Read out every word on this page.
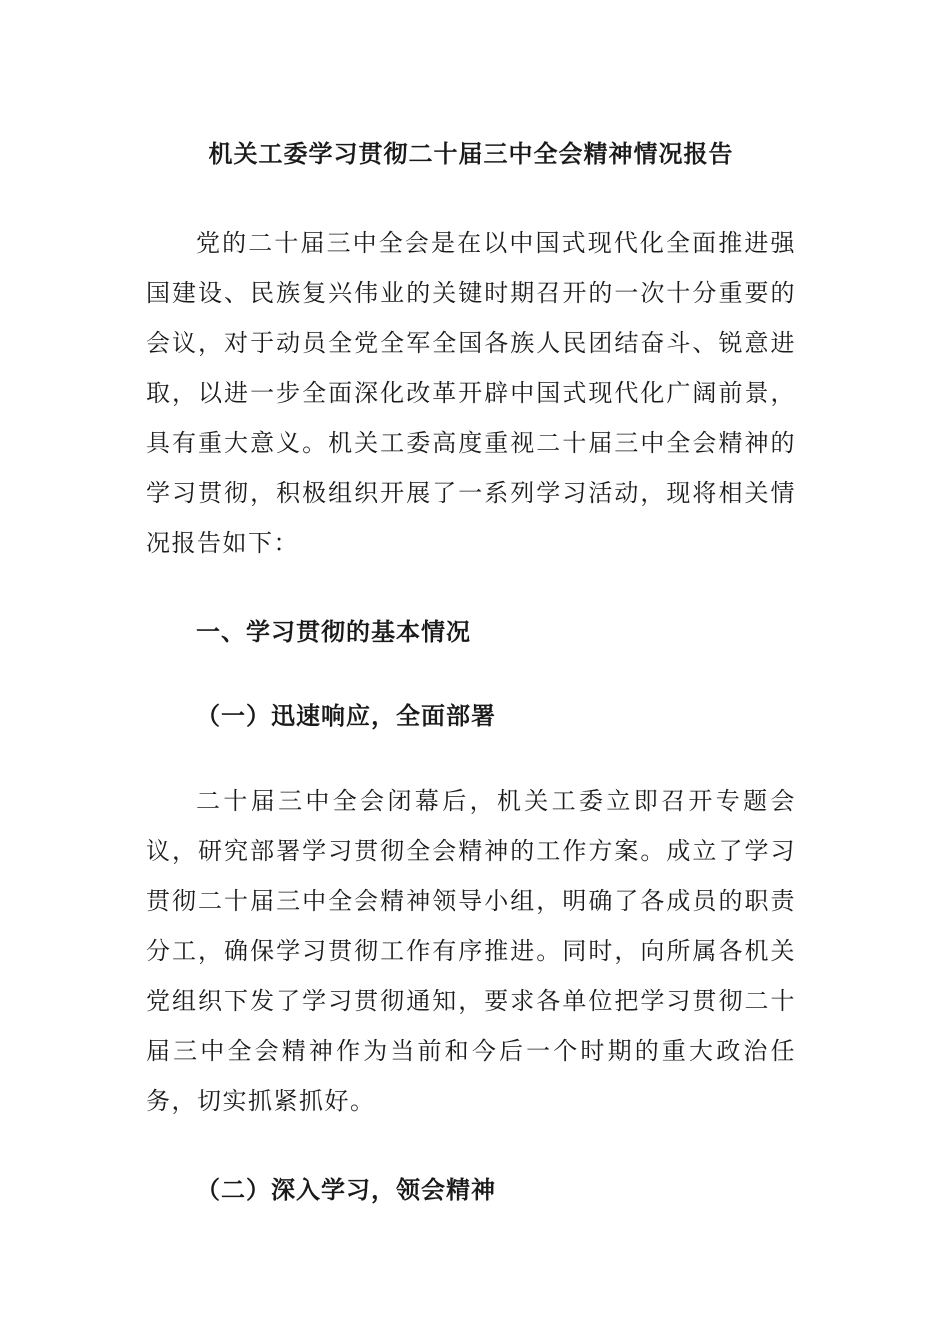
机关工委学习贯彻二十届三中全会精神情况报告

党的二十届三中全会是在以中国式现代化全面推进强国建设、民族复兴伟业的关键时期召开的一次十分重要的会议，对于动员全党全军全国各族人民团结奋斗、锐意进取，以进一步全面深化改革开辟中国式现代化广阔前景，具有重大意义。机关工委高度重视二十届三中全会精神的学习贯彻，积极组织开展了一系列学习活动，现将相关情况报告如下：

一、学习贯彻的基本情况
（一）迅速响应，全面部署

二十届三中全会闭幕后，机关工委立即召开专题会议，研究部署学习贯彻全会精神的工作方案。成立了学习贯彻二十届三中全会精神领导小组，明确了各成员的职责分工，确保学习贯彻工作有序推进。同时，向所属各机关党组织下发了学习贯彻通知，要求各单位把学习贯彻二十届三中全会精神作为当前和今后一个时期的重大政治任务，切实抓紧抓好。

（二）深入学习，领会精神
